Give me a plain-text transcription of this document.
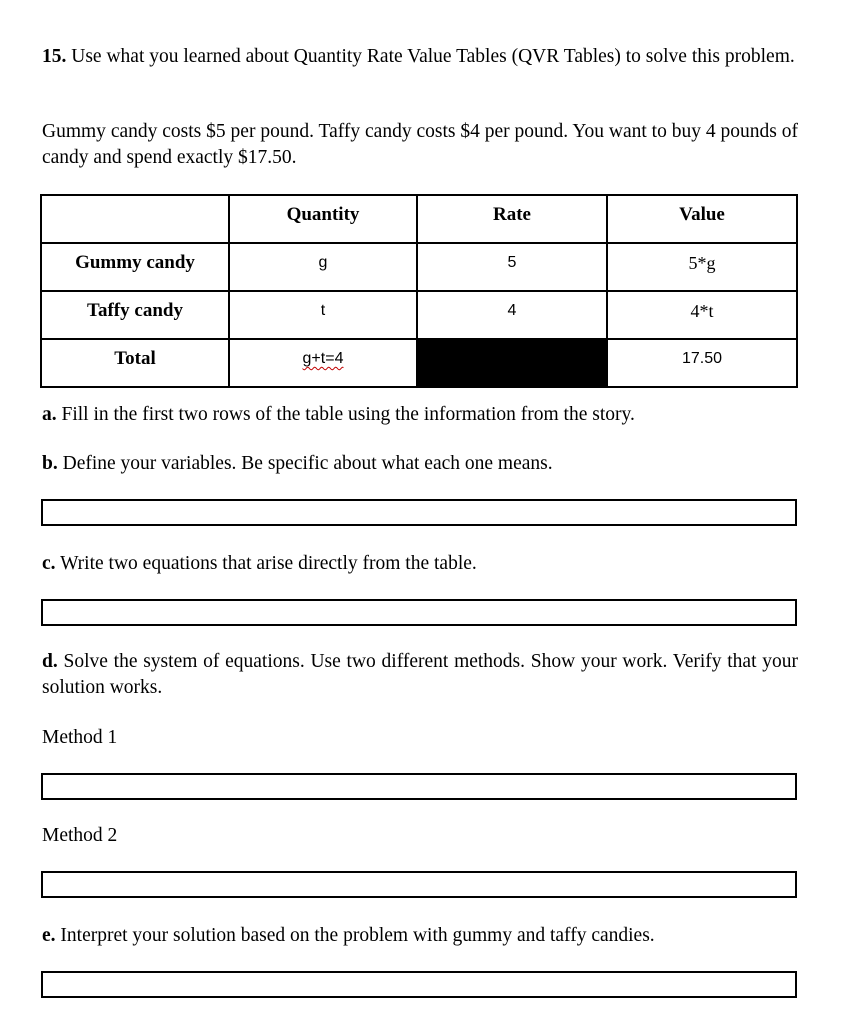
15. Use what you learned about Quantity Rate Value Tables (QVR Tables) to solve this problem.
Gummy candy costs $5 per pound. Taffy candy costs $4 per pound. You want to buy 4 pounds of candy and spend exactly $17.50.

	Quantity	Rate	Value

Gummy candy	g	5	5*g

Taffy candy	t	4	4*t

Total	g+t=4		17.50
a. Fill in the first two rows of the table using the information from the story.
b. Define your variables. Be specific about what each one means.
c. Write two equations that arise directly from the table.
d. Solve the system of equations. Use two different methods. Show your work. Verify that your solution works.
Method 1
Method 2
e. Interpret your solution based on the problem with gummy and taffy candies.
